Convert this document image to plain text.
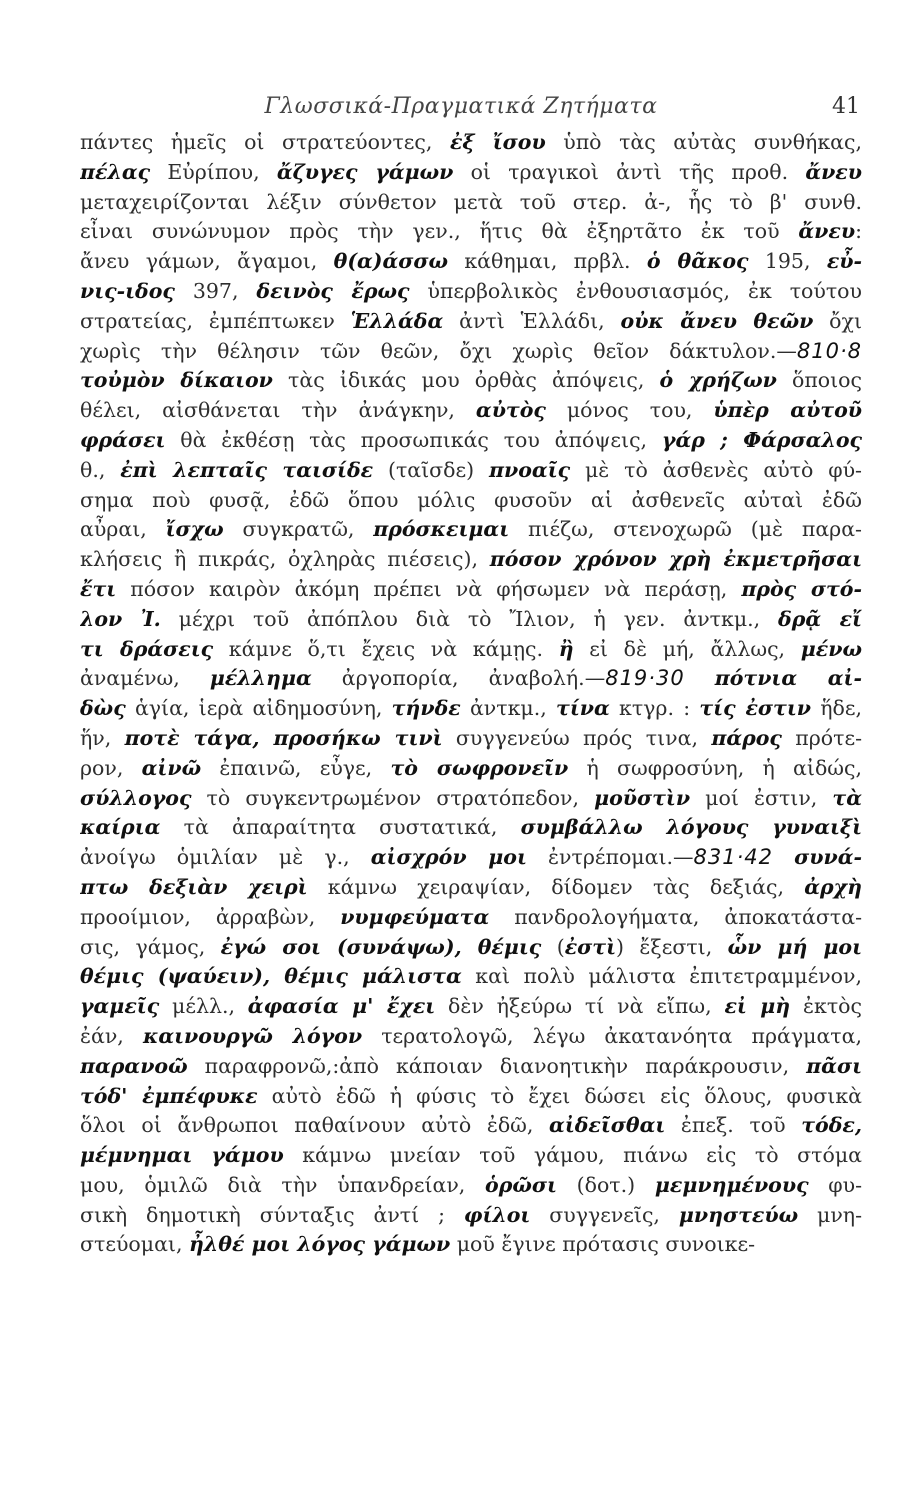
Γλωσσικά-Πραγματικά Ζητήματα	41
πάντες ἡμεῖς οἱ στρατεύοντες, ἐξ ἴσου ὑπὸ τὰς αὐτὰς συνθήκας,
πέλας Εὐρίπου, ἄζυγες γάμων οἱ τραγικοὶ ἀντὶ τῆς προθ. ἄνευ
μεταχειρίζονται λέξιν σύνθετον μετὰ τοῦ στερ. ἀ-, ἧς τὸ β' συνθ.
εἶναι συνώνυμον πρὸς τὴν γεν., ἥτις θὰ ἐξηρτᾶτο ἐκ τοῦ ἄνευ:
ἄνευ γάμων, ἄγαμοι, θ(α)άσσω κάθημαι, πρβλ. ὁ θᾶκος 195, εὖ-
νις-ιδος 397, δεινὸς ἔρως ὑπερβολικὸς ἐνθουσιασμός, ἐκ τούτου
στρατείας, ἐμπέπτωκεν Ἑλλάδα ἀντὶ Ἑλλάδι, οὐκ ἄνευ θεῶν ὄχι
χωρὶς τὴν θέλησιν τῶν θεῶν, ὄχι χωρὶς θεῖον δάκτυλον.—810·8
τοὐμὸν δίκαιον τὰς ἰδικάς μου ὀρθὰς ἀπόψεις, ὁ χρήζων ὅποιος
θέλει, αἰσθάνεται τὴν ἀνάγκην, αὐτὸς μόνος του, ὑπὲρ αὐτοῦ
φράσει θὰ ἐκθέσῃ τὰς προσωπικάς του ἀπόψεις, γάρ ; Φάρσαλος
θ., ἐπὶ λεπταῖς ταισίδε (ταῖσδε) πνοαῖς μὲ τὸ ἀσθενὲς αὐτὸ φύ-
σημα ποὺ φυσᾷ, ἐδῶ ὅπου μόλις φυσοῦν αἱ ἀσθενεῖς αὐταὶ ἐδῶ
αὖραι, ἴσχω συγκρατῶ, πρόσκειμαι πιέζω, στενοχωρῶ (μὲ παρα-
κλήσεις ἢ πικράς, ὀχληρὰς πιέσεις), πόσον χρόνον χρὴ ἐκμετρῆσαι
ἔτι πόσον καιρὸν ἀκόμη πρέπει νὰ φήσωμεν νὰ περάσῃ, πρὸς στό-
λον Ἰ. μέχρι τοῦ ἀπόπλου διὰ τὸ Ἴλιον, ἡ γεν. ἀντκμ., δρᾷ εἴ
τι δράσεις κάμνε ὅ,τι ἔχεις νὰ κάμῃς. ἢ εἰ δὲ μή, ἄλλως, μένω
ἀναμένω, μέλλημα ἀργοπορία, ἀναβολή.—819·30 πότνια αἰ-
δὼς ἁγία, ἱερὰ αἰδημοσύνη, τήνδε ἀντκμ., τίνα κτγρ. : τίς ἐστιν ἥδε,
ἥν, ποτὲ τάγα, προσήκω τινὶ συγγενεύω πρός τινα, πάρος πρότε-
ρον, αἰνῶ ἐπαινῶ, εὖγε, τὸ σωφρονεῖν ἡ σωφροσύνη, ἡ αἰδώς,
σύλλογος τὸ συγκεντρωμένον στρατόπεδον, μοῦστὶν μοί ἐστιν, τὰ
καίρια τὰ ἀπαραίτητα συστατικά, συμβάλλω λόγους γυναιξὶ
ἀνοίγω ὁμιλίαν μὲ γ., αἰσχρόν μοι ἐντρέπομαι.—831·42 συνά-
πτω δεξιὰν χειρὶ κάμνω χειραψίαν, δίδομεν τὰς δεξιάς, ἀρχὴ
προοίμιον, ἀρραβὼν, νυμφεύματα πανδρολογήματα, ἀποκατάστα-
σις, γάμος, ἐγώ σοι (συνάψω), θέμις (ἐστὶ) ἔξεστι, ὧν μή μοι
θέμις (ψαύειν), θέμις μάλιστα καὶ πολὺ μάλιστα ἐπιτετραμμένον,
γαμεῖς μέλλ., ἀφασία μ' ἔχει δὲν ἠξεύρω τί νὰ εἴπω, εἰ μὴ ἐκτὸς
ἐάν, καινουργῶ λόγον τερατολογῶ, λέγω ἀκατανόητα πράγματα,
παρανοῶ παραφρονῶ,:ἀπὸ κάποιαν διανοητικὴν παράκρουσιν, πᾶσι
τόδ' ἐμπέφυκε αὐτὸ ἐδῶ ἡ φύσις τὸ ἔχει δώσει εἰς ὅλους, φυσικὰ
ὅλοι οἱ ἄνθρωποι παθαίνουν αὐτὸ ἐδῶ, αἰδεῖσθαι ἐπεξ. τοῦ τόδε,
μέμνημαι γάμου κάμνω μνείαν τοῦ γάμου, πιάνω εἰς τὸ στόμα
μου, ὁμιλῶ διὰ τὴν ὑπανδρείαν, ὁρῶσι (δοτ.) μεμνημένους φυ-
σικὴ δημοτικὴ σύνταξις ἀντί ; φίλοι συγγενεῖς, μνηστεύω μνη-
στεύομαι, ἦλθέ μοι λόγος γάμων μοῦ ἔγινε πρότασις συνοικε-
